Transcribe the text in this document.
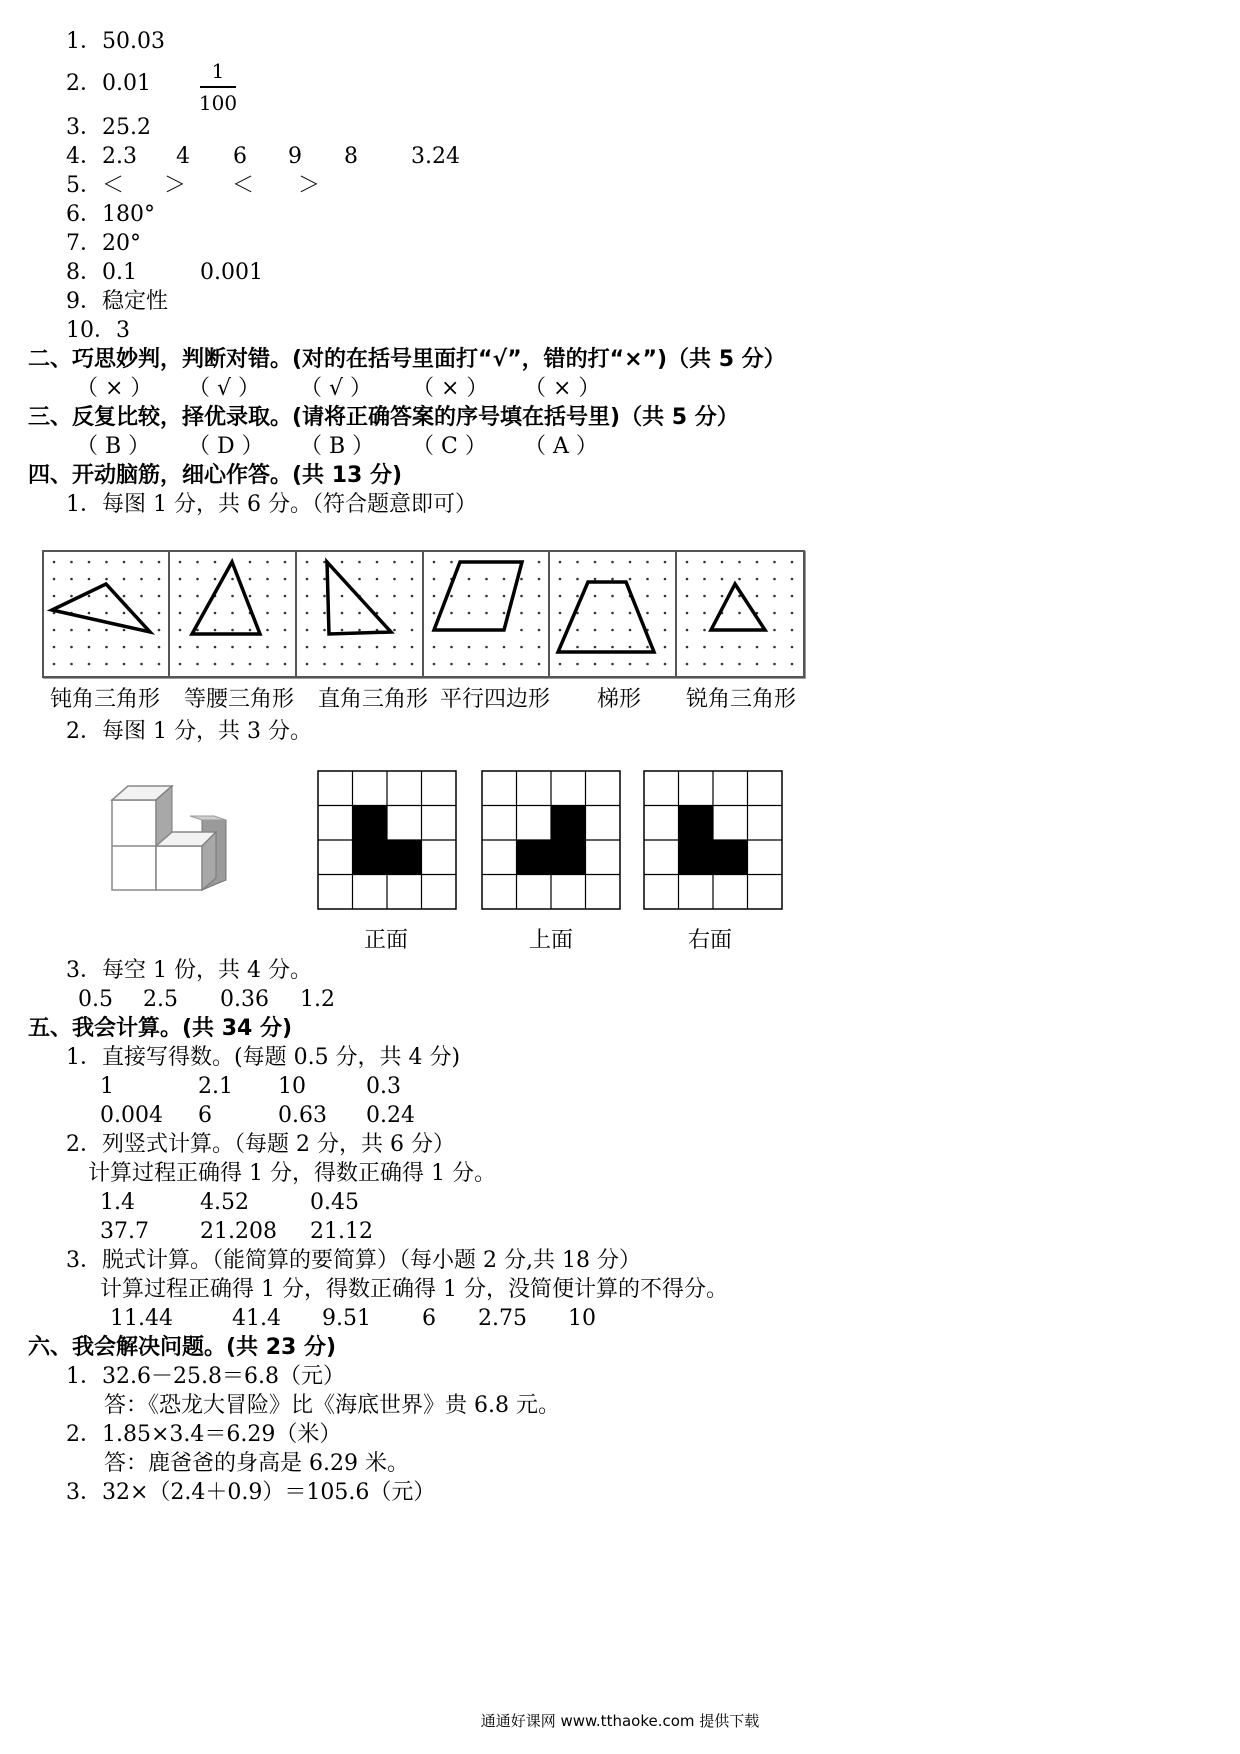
1．50.03
2．0.01	1
100
3．25.2
4．2.3 4 6 9 8 3.24
5．＜ ＞ ＜ ＞
6．180°
7．20°
8．0.1	0.001
9．稳定性
10．3
二、巧思妙判，判断对错。(对的在括号里面打“√”，错的打“×”)（共 5 分）
（ × ） （ √ ） （ √ ） （ × ） （ × ）
三、反复比较，择优录取。(请将正确答案的序号填在括号里)（共 5 分）
（ B ） （ D ） （ B ） （ C ） （ A ）
四、开动脑筋，细心作答。(共 13 分)
1．每图 1 分，共 6 分。（符合题意即可）
钝角三角形	等腰三角形	直角三角形 平行四边形	梯形	锐角三角形
2．每图 1 分，共 3 分。
正面	上面	右面
3．每空 1 份，共 4 分。
0.5 2.5 0.36 1.2
五、我会计算。(共 34 分)
1．直接写得数。(每题 0.5 分，共 4 分)
1	2.1 10	0.3
0.004 6	0.63 0.24
2．列竖式计算。（每题 2 分，共 6 分）
计算过程正确得 1 分，得数正确得 1 分。
1.4	4.52	0.45
37.7 21.208 21.12
3．脱式计算。（能简算的要简算）（每小题 2 分,共 18 分）
计算过程正确得 1 分，得数正确得 1 分，没简便计算的不得分。
11.44	41.4 9.51 6 2.75 10
六、我会解决问题。(共 23 分)
1．32.6－25.8＝6.8（元）
答：《恐龙大冒险》比《海底世界》贵 6.8 元。
2．1.85×3.4＝6.29（米）
答：鹿爸爸的身高是 6.29 米。
3．32×（2.4＋0.9）＝105.6（元）
通通好课网 www.tthaoke.com 提供下载
